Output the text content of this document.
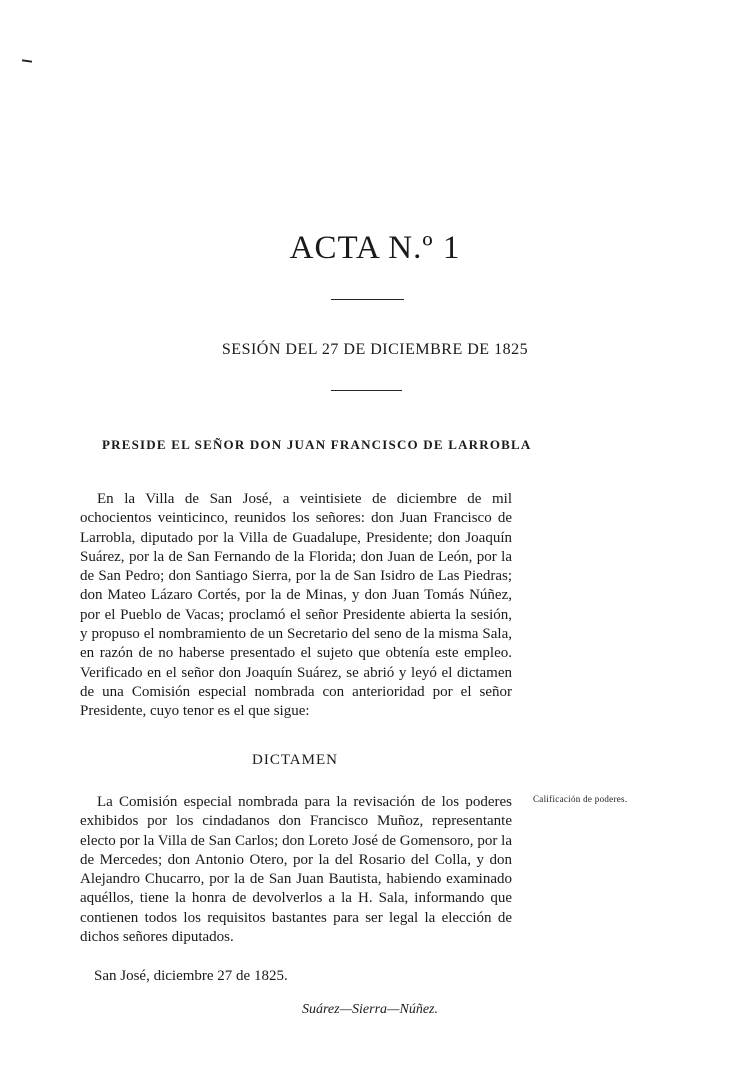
ACTA N.º 1
SESIÓN DEL 27 DE DICIEMBRE DE 1825
PRESIDE EL SEÑOR DON JUAN FRANCISCO DE LARROBLA

En la Villa de San José, a veintisiete de diciembre de mil ochocientos veinticinco, reunidos los señores: don Juan Francisco de Larrobla, diputado por la Villa de Guadalupe, Presidente; don Joaquín Suárez, por la de San Fernando de la Florida; don Juan de León, por la de San Pedro; don Santiago Sierra, por la de San Isidro de Las Piedras; don Mateo Lázaro Cortés, por la de Minas, y don Juan Tomás Núñez, por el Pueblo de Vacas; proclamó el señor Presidente abierta la sesión, y propuso el nombramiento de un Secretario del seno de la misma Sala, en razón de no haberse presentado el sujeto que obtenía este empleo. Verificado en el señor don Joaquín Suárez, se abrió y leyó el dictamen de una Comisión especial nombrada con anterioridad por el señor Presidente, cuyo tenor es el que sigue:

DICTAMEN

La Comisión especial nombrada para la revisación de los poderes exhibidos por los cindadanos don Francisco Muñoz, representante electo por la Villa de San Carlos; don Loreto José de Gomensoro, por la de Mercedes; don Antonio Otero, por la del Rosario del Colla, y don Alejandro Chucarro, por la de San Juan Bautista, habiendo examinado aquéllos, tiene la honra de devolverlos a la H. Sala, informando que contienen todos los requisitos bastantes para ser legal la elección de dichos señores diputados.

Calificación de poderes.
San José, diciembre 27 de 1825.
Suárez—Sierra—Núñez.
